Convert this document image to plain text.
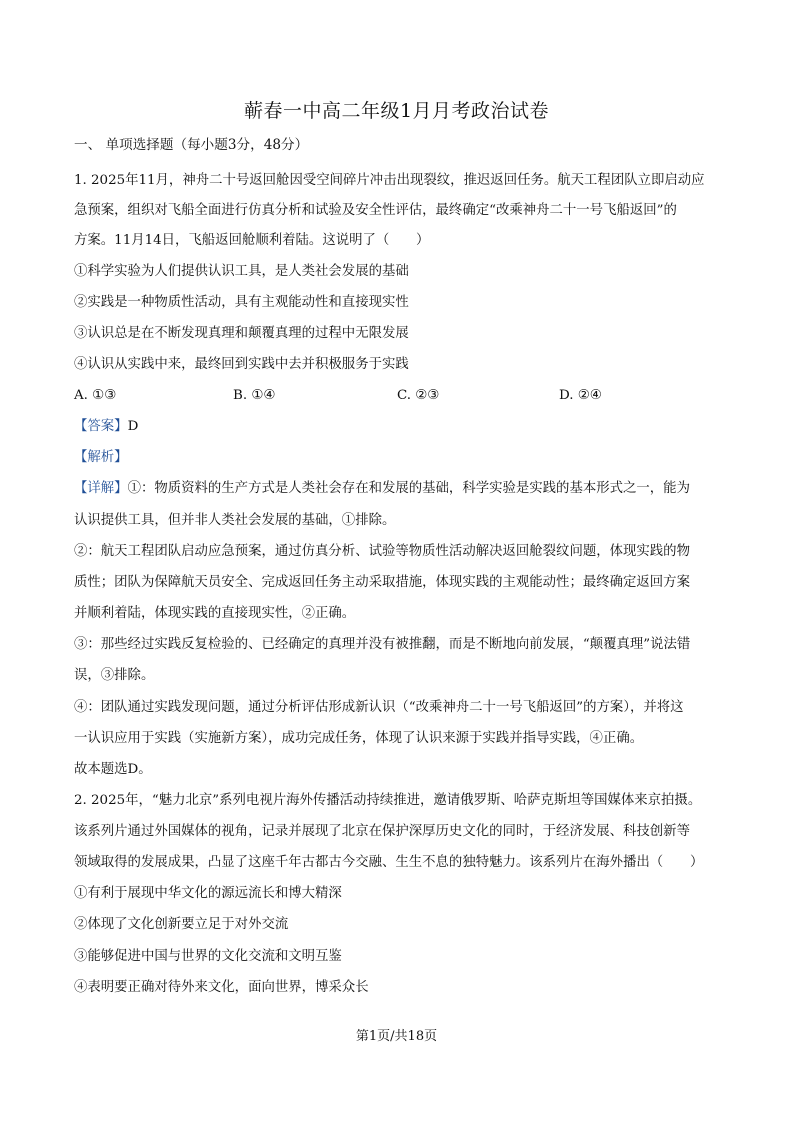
蕲春一中高二年级1月月考政治试卷
一、 单项选择题（每小题3分，48分）
1. 2025年11月，神舟二十号返回舱因受空间碎片冲击出现裂纹，推迟返回任务。航天工程团队立即启动应
急预案，组织对飞船全面进行仿真分析和试验及安全性评估，最终确定“改乘神舟二十一号飞船返回”的
方案。11月14日，飞船返回舱顺利着陆。这说明了（　　）
①科学实验为人们提供认识工具，是人类社会发展的基础
②实践是一种物质性活动，具有主观能动性和直接现实性
③认识总是在不断发现真理和颠覆真理的过程中无限发展
④认识从实践中来，最终回到实践中去并积极服务于实践
A. ①③	B. ①④	C. ②③	D. ②④
【答案】D
【解析】
【详解】①：物质资料的生产方式是人类社会存在和发展的基础，科学实验是实践的基本形式之一，能为
认识提供工具，但并非人类社会发展的基础，①排除。
②：航天工程团队启动应急预案，通过仿真分析、试验等物质性活动解决返回舱裂纹问题，体现实践的物
质性；团队为保障航天员安全、完成返回任务主动采取措施，体现实践的主观能动性；最终确定返回方案
并顺利着陆，体现实践的直接现实性，②正确。
③：那些经过实践反复检验的、已经确定的真理并没有被推翻，而是不断地向前发展，“颠覆真理”说法错
误，③排除。
④：团队通过实践发现问题，通过分析评估形成新认识（“改乘神舟二十一号飞船返回”的方案），并将这
一认识应用于实践（实施新方案），成功完成任务，体现了认识来源于实践并指导实践，④正确。
故本题选D。
2. 2025年，“魅力北京”系列电视片海外传播活动持续推进，邀请俄罗斯、哈萨克斯坦等国媒体来京拍摄。
该系列片通过外国媒体的视角，记录并展现了北京在保护深厚历史文化的同时，于经济发展、科技创新等
领域取得的发展成果，凸显了这座千年古都古今交融、生生不息的独特魅力。该系列片在海外播出（　　）
①有利于展现中华文化的源远流长和博大精深
②体现了文化创新要立足于对外交流
③能够促进中国与世界的文化交流和文明互鉴
④表明要正确对待外来文化，面向世界，博采众长
第1页/共18页
